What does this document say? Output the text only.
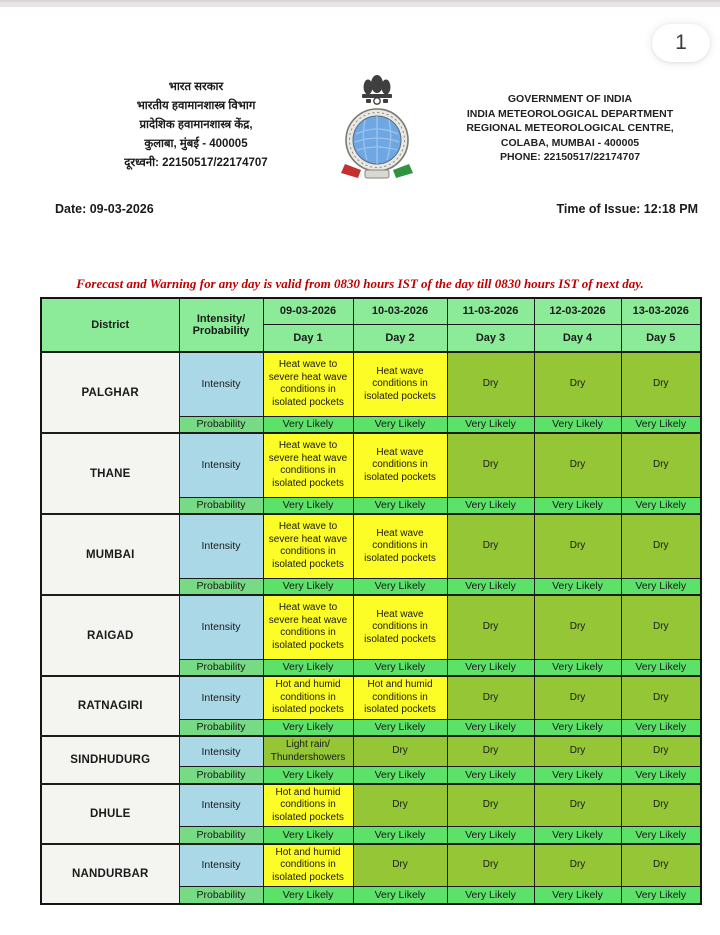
1
भारत सरकार
भारतीय हवामानशास्त्र विभाग
प्रादेशिक हवामानशास्त्र केंद्र,
कुलाबा, मुंबई - 400005
दूरध्वनी: 22150517/22174707
GOVERNMENT OF INDIA
INDIA METEOROLOGICAL DEPARTMENT
REGIONAL METEOROLOGICAL CENTRE,
COLABA, MUMBAI - 400005
PHONE: 22150517/22174707
Date: 09-03-2026	Time of Issue: 12:18 PM
Forecast and Warning for any day is valid from 0830 hours IST of the day till 0830 hours IST of next day.
District	Intensity/ Probability	09-03-2026	10-03-2026	11-03-2026	12-03-2026	13-03-2026
		Day 1	Day 2	Day 3	Day 4	Day 5
PALGHAR	Intensity	Heat wave to severe heat wave conditions in isolated pockets	Heat wave conditions in isolated pockets	Dry	Dry	Dry
	Probability	Very Likely	Very Likely	Very Likely	Very Likely	Very Likely
THANE	Intensity	Heat wave to severe heat wave conditions in isolated pockets	Heat wave conditions in isolated pockets	Dry	Dry	Dry
	Probability	Very Likely	Very Likely	Very Likely	Very Likely	Very Likely
MUMBAI	Intensity	Heat wave to severe heat wave conditions in isolated pockets	Heat wave conditions in isolated pockets	Dry	Dry	Dry
	Probability	Very Likely	Very Likely	Very Likely	Very Likely	Very Likely
RAIGAD	Intensity	Heat wave to severe heat wave conditions in isolated pockets	Heat wave conditions in isolated pockets	Dry	Dry	Dry
	Probability	Very Likely	Very Likely	Very Likely	Very Likely	Very Likely
RATNAGIRI	Intensity	Hot and humid conditions in isolated pockets	Hot and humid conditions in isolated pockets	Dry	Dry	Dry
	Probability	Very Likely	Very Likely	Very Likely	Very Likely	Very Likely
SINDHUDURG	Intensity	Light rain/ Thundershowers	Dry	Dry	Dry	Dry
	Probability	Very Likely	Very Likely	Very Likely	Very Likely	Very Likely
DHULE	Intensity	Hot and humid conditions in isolated pockets	Dry	Dry	Dry	Dry
	Probability	Very Likely	Very Likely	Very Likely	Very Likely	Very Likely
NANDURBAR	Intensity	Hot and humid conditions in isolated pockets	Dry	Dry	Dry	Dry
	Probability	Very Likely	Very Likely	Very Likely	Very Likely	Very Likely
